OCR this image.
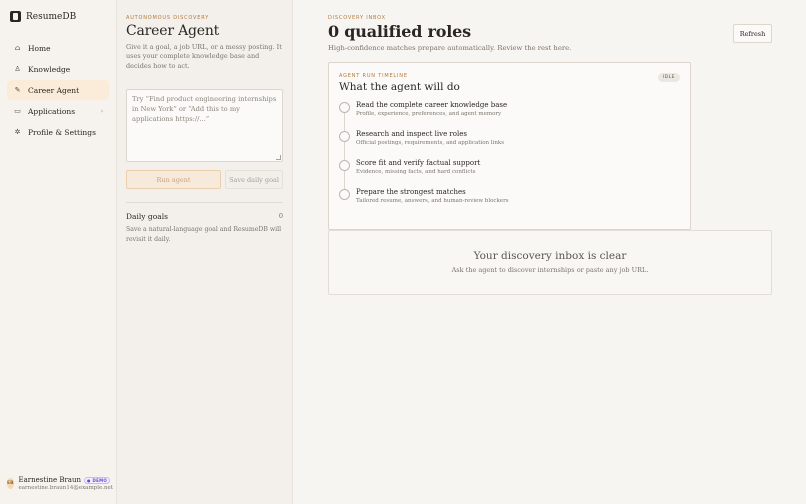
ResumeDB
⌂ Home
♙ Knowledge
✎ Career Agent
▭ Applications	›
✲ Profile & Settings
EB Earnestine Braun	● DEMO
earnestine.braun14@example.net
AUTONOMOUS DISCOVERY
Career Agent

Give it a goal, a job URL, or a messy posting. It uses your complete knowledge base and decides how to act.

Try “Find product engineering internships in New York” or “Add this to my applications https://...”
Run agent	Save daily goal
Daily goals	0

Save a natural-language goal and ResumeDB will revisit it daily.

DISCOVERY INBOX
0 qualified roles

High-confidence matches prepare automatically. Review the rest here.

Refresh
AGENT RUN TIMELINE
What the agent will do
IDLE
Read the complete career knowledge base
Profile, experience, preferences, and agent memory
Research and inspect live roles
Official postings, requirements, and application links
Score fit and verify factual support
Evidence, missing facts, and hard conflicts
Prepare the strongest matches
Tailored resume, answers, and human-review blockers
Your discovery inbox is clear
Ask the agent to discover internships or paste any job URL.
